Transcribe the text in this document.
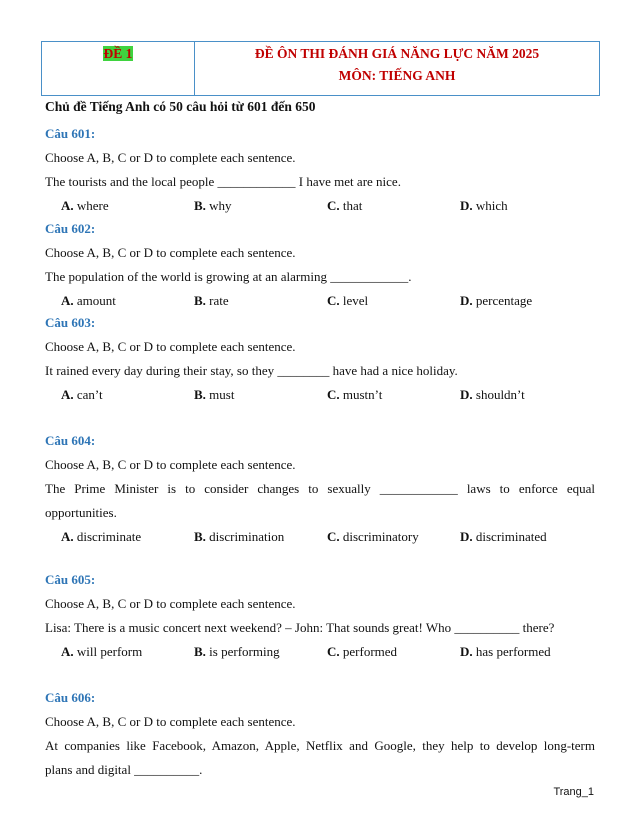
ĐỀ 1	ĐỀ ÔN THI ĐÁNH GIÁ NĂNG LỰC NĂM 2025
MÔN: TIẾNG ANH
Chủ đề Tiếng Anh có 50 câu hỏi từ 601 đến 650
Câu 601:
Choose A, B, C or D to complete each sentence.
The tourists and the local people ____________ I have met are nice.
A. where	B. why	C. that	D. which
Câu 602:
Choose A, B, C or D to complete each sentence.
The population of the world is growing at an alarming ____________.
A. amount	B. rate	C. level	D. percentage
Câu 603:
Choose A, B, C or D to complete each sentence.
It rained every day during their stay, so they ________ have had a nice holiday.
A. can’t	B. must	C. mustn’t	D. shouldn’t
Câu 604:
Choose A, B, C or D to complete each sentence.
The Prime Minister is to consider changes to sexually ____________ laws to enforce equal
opportunities.
A. discriminate	B. discrimination	C. discriminatory	D. discriminated
Câu 605:
Choose A, B, C or D to complete each sentence.
Lisa: There is a music concert next weekend? – John: That sounds great! Who __________ there?
A. will perform	B. is performing	C. performed	D. has performed
Câu 606:
Choose A, B, C or D to complete each sentence.
At companies like Facebook, Amazon, Apple, Netflix and Google, they help to develop long-term
plans and digital __________.
Trang_1
